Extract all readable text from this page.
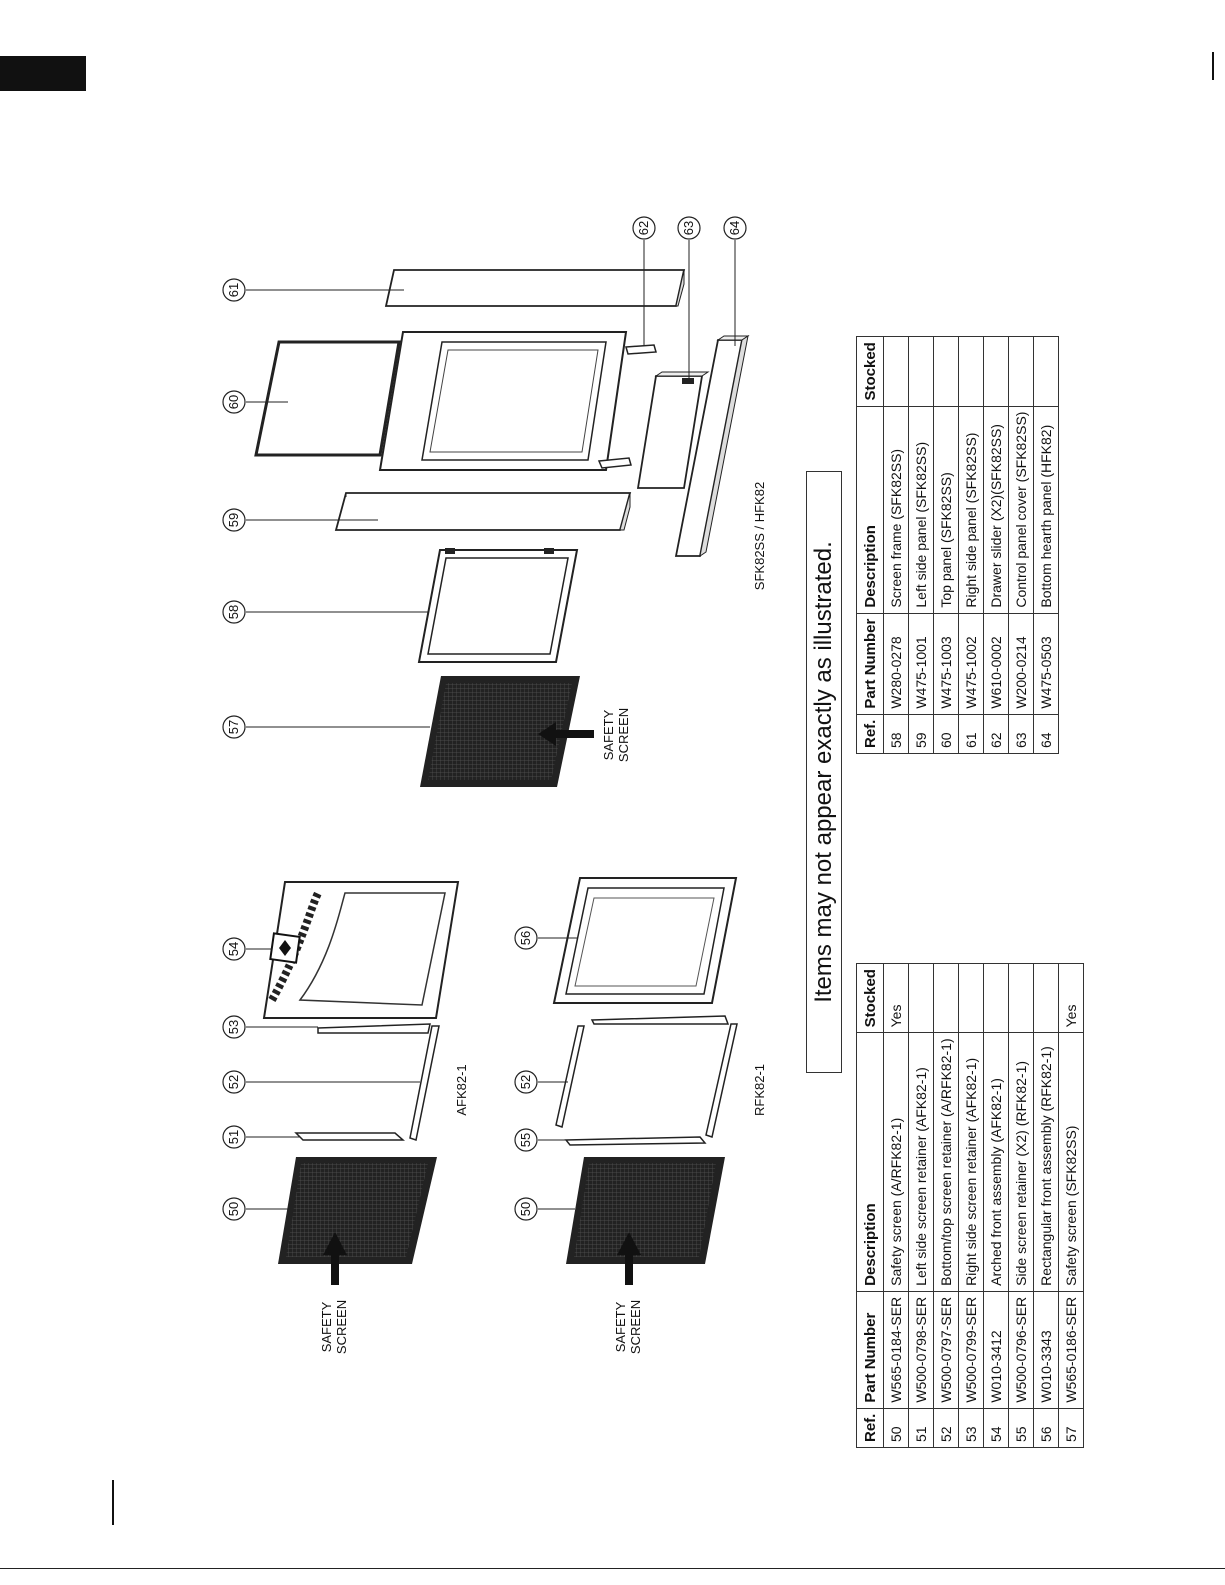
50
51
52
53
54
50
55
52
56
57
58
59
60
61
62 63 64
SAFETY SCREEN	SAFETY SCREEN
SAFETY SCREEN
AFK82-1	RFK82-1
SFK82SS / HFK82
Items may not appear exactly as illustrated.
Ref.	Part Number	Description	Stocked
50	W565-0184-SER	Safety screen (A/RFK82-1)	Yes
51	W500-0798-SER	Left side screen retainer (AFK82-1)	
52	W500-0797-SER	Bottom/top screen retainer (A/RFK82-1)	
53	W500-0799-SER	Right side screen retainer (AFK82-1)	
54	W010-3412	Arched front assembly (AFK82-1)	
55	W500-0796-SER	Side screen retainer (X2) (RFK82-1)	
56	W010-3343	Rectangular front assembly (RFK82-1)	
57	W565-0186-SER	Safety screen (SFK82SS)	Yes
Ref.	Part Number	Description	Stocked
58	W280-0278	Screen frame (SFK82SS)	
59	W475-1001	Left side panel (SFK82SS)	
60	W475-1003	Top panel (SFK82SS)	
61	W475-1002	Right side panel (SFK82SS)	
62	W610-0002	Drawer slider (X2)(SFK82SS)	
63	W200-0214	Control panel cover (SFK82SS)	
64	W475-0503	Bottom hearth panel (HFK82)	
